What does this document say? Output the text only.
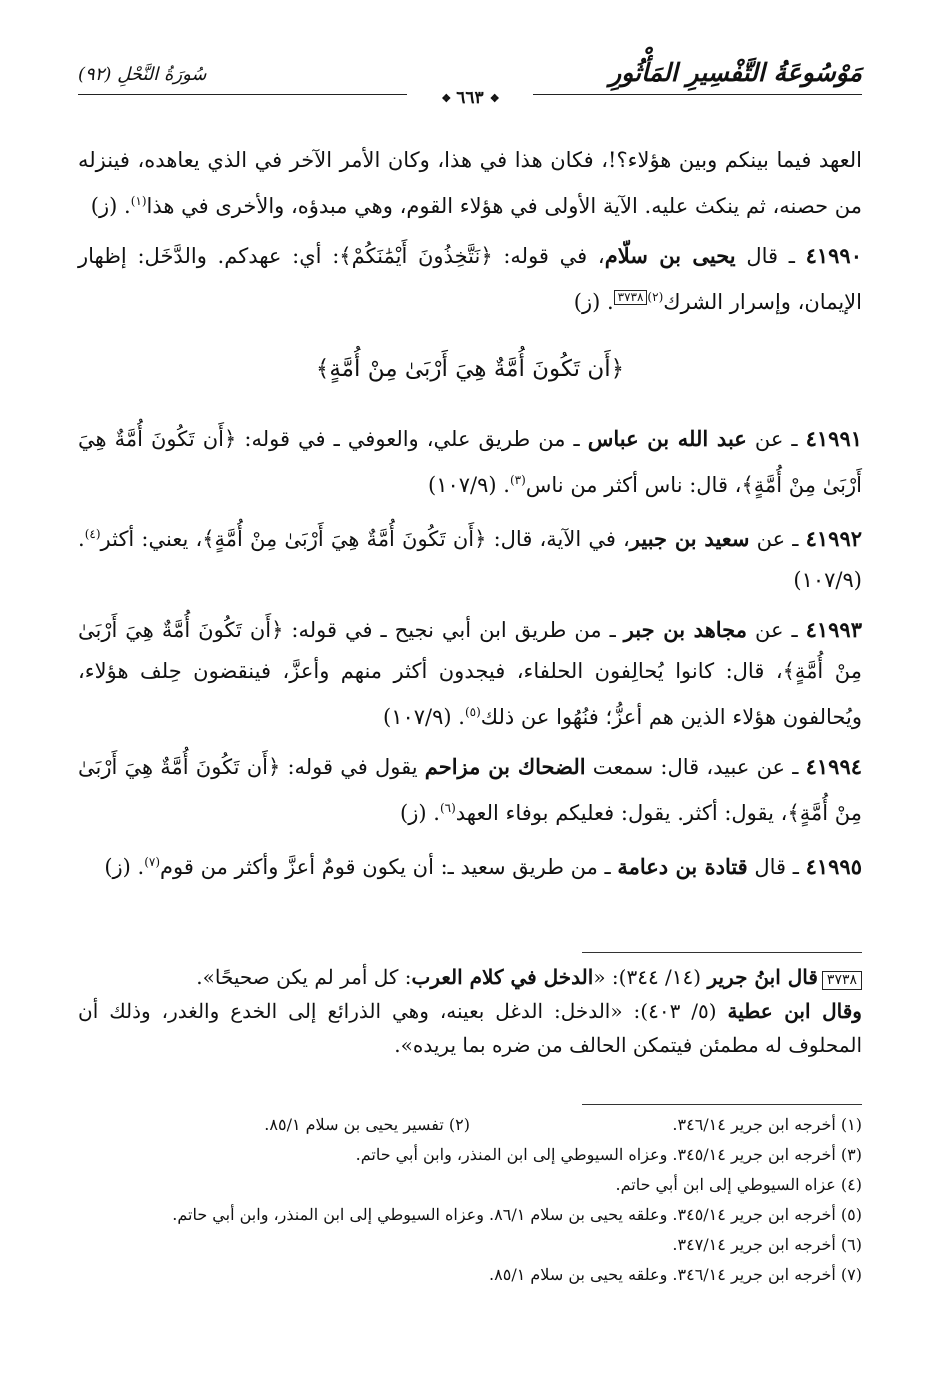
مَوْسُوعَةُ التَّفْسِيرِ المَأْثُورِ
سُورَةُ النَّحْلِ (٩٢)
❖
٦٦٣
❖

العهد فيما بينكم وبين هؤلاء؟!، فكان هذا في هذا، وكان الأمر الآخر في الذي يعاهده، فينزله من حصنه، ثم ينكث عليه. الآية الأولى في هؤلاء القوم، وهي مبدؤه، والأخرى في هذا$^{(١)}$. (ز)

٤١٩٩٠ ـ قال يحيى بن سلّام، في قوله: ﴿نَتَّخِذُونَ أَيْمَٰنَكُمْ﴾: أي: عهدكم. والدَّخَل: إظهار الإيمان، وإسرار الشرك$^{(٢)}$٣٧٣٨. (ز)

﴿أَن تَكُونَ أُمَّةٌ هِيَ أَرْبَىٰ مِنْ أُمَّةٍ﴾

٤١٩٩١ ـ عن عبد الله بن عباس ـ من طريق علي، والعوفي ـ في قوله: ﴿أَن تَكُونَ أُمَّةٌ هِيَ أَرْبَىٰ مِنْ أُمَّةٍ﴾، قال: ناس أكثر من ناس$^{(٣)}$. (١٠٧/٩)

٤١٩٩٢ ـ عن سعيد بن جبير، في الآية، قال: ﴿أَن تَكُونَ أُمَّةٌ هِيَ أَرْبَىٰ مِنْ أُمَّةٍ﴾، يعني: أكثر$^{(٤)}$. (١٠٧/٩)

٤١٩٩٣ ـ عن مجاهد بن جبر ـ من طريق ابن أبي نجيح ـ في قوله: ﴿أَن تَكُونَ أُمَّةٌ هِيَ أَرْبَىٰ مِنْ أُمَّةٍ﴾، قال: كانوا يُحالِفون الحلفاء، فيجدون أكثر منهم وأعزَّ، فينقضون حِلف هؤلاء، ويُحالفون هؤلاء الذين هم أعزُّ؛ فنُهُوا عن ذلك$^{(٥)}$. (١٠٧/٩)

٤١٩٩٤ ـ عن عبيد، قال: سمعت الضحاك بن مزاحم يقول في قوله: ﴿أَن تَكُونَ أُمَّةٌ هِيَ أَرْبَىٰ مِنْ أُمَّةٍ﴾، يقول: أكثر. يقول: فعليكم بوفاء العهد$^{(٦)}$. (ز)

٤١٩٩٥ ـ قال قتادة بن دعامة ـ من طريق سعيد ـ: أن يكون قومٌ أعزَّ وأكثر من قوم$^{(٧)}$. (ز)

٣٧٣٨قال ابنُ جرير (١٤/ ٣٤٤): «الدخل في كلام العرب: كل أمر لم يكن صحيحًا».

وقال ابن عطية (٥/ ٤٠٣): «الدخل: الدغل بعينه، وهي الذرائع إلى الخدع والغدر، وذلك أن المحلوف له مطمئن فيتمكن الحالف من ضره بما يريده».

(١) أخرجه ابن جرير ٣٤٦/١٤.
(٢) تفسير يحيى بن سلام ٨٥/١.
(٣) أخرجه ابن جرير ٣٤٥/١٤. وعزاه السيوطي إلى ابن المنذر، وابن أبي حاتم.
(٤) عزاه السيوطي إلى ابن أبي حاتم.
(٥) أخرجه ابن جرير ٣٤٥/١٤. وعلقه يحيى بن سلام ٨٦/١. وعزاه السيوطي إلى ابن المنذر، وابن أبي حاتم.
(٦) أخرجه ابن جرير ٣٤٧/١٤.
(٧) أخرجه ابن جرير ٣٤٦/١٤. وعلقه يحيى بن سلام ٨٥/١.
